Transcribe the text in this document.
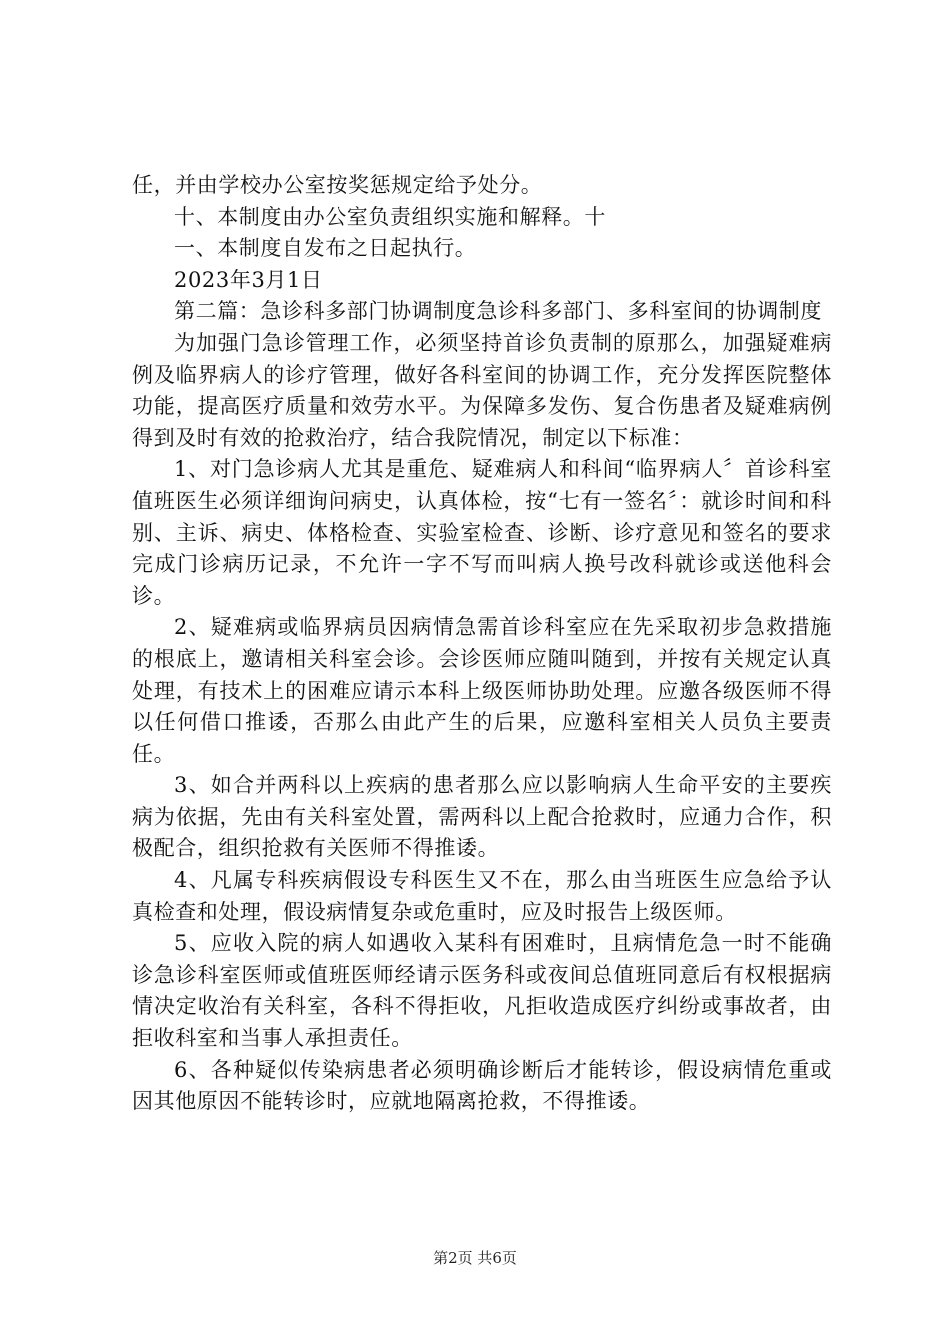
任，并由学校办公室按奖惩规定给予处分。

十、本制度由办公室负责组织实施和解释。十

一、本制度自发布之日起执行。

2023年3月1日

第二篇：急诊科多部门协调制度急诊科多部门、多科室间的协调制度

为加强门急诊管理工作，必须坚持首诊负责制的原那么，加强疑难病例及临界病人的诊疗管理，做好各科室间的协调工作，充分发挥医院整体功能，提高医疗质量和效劳水平。为保障多发伤、复合伤患者及疑难病例得到及时有效的抢救治疗，结合我院情况，制定以下标准：

1、对门急诊病人尤其是重危、疑难病人和科间“临界病人〞首诊科室值班医生必须详细询问病史，认真体检，按“七有一签名〞：就诊时间和科别、主诉、病史、体格检查、实验室检查、诊断、诊疗意见和签名的要求完成门诊病历记录，不允许一字不写而叫病人换号改科就诊或送他科会诊。

2、疑难病或临界病员因病情急需首诊科室应在先采取初步急救措施的根底上，邀请相关科室会诊。会诊医师应随叫随到，并按有关规定认真处理，有技术上的困难应请示本科上级医师协助处理。应邀各级医师不得以任何借口推诿，否那么由此产生的后果，应邀科室相关人员负主要责任。

3、如合并两科以上疾病的患者那么应以影响病人生命平安的主要疾病为依据，先由有关科室处置，需两科以上配合抢救时，应通力合作，积极配合，组织抢救有关医师不得推诿。

4、凡属专科疾病假设专科医生又不在，那么由当班医生应急给予认真检查和处理，假设病情复杂或危重时，应及时报告上级医师。

5、应收入院的病人如遇收入某科有困难时，且病情危急一时不能确诊急诊科室医师或值班医师经请示医务科或夜间总值班同意后有权根据病情决定收治有关科室，各科不得拒收，凡拒收造成医疗纠纷或事故者，由拒收科室和当事人承担责任。

6、各种疑似传染病患者必须明确诊断后才能转诊，假设病情危重或因其他原因不能转诊时，应就地隔离抢救，不得推诿。

第2页 共6页
